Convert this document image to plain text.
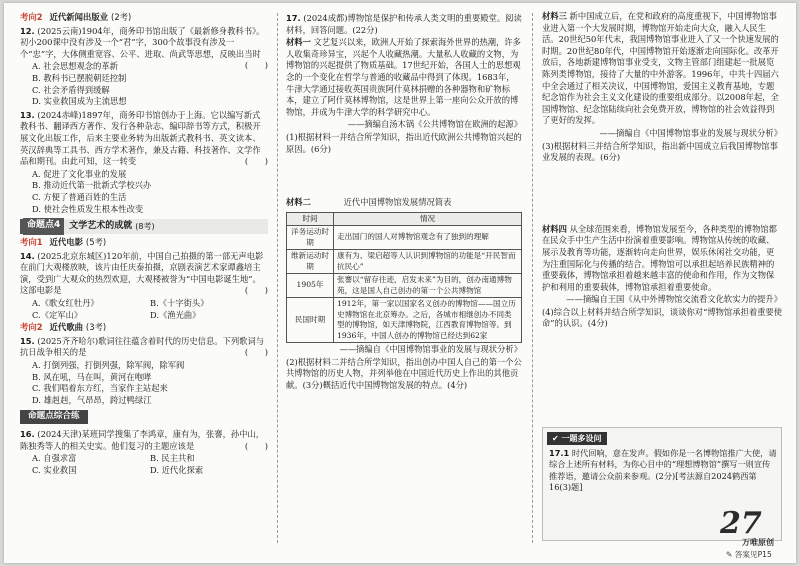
考向2 近代新闻出版业 (2考)
12. (2025云南)1904年，商务印书馆出版了《最新修身教科书》。初小200课中没有涉及一个“君”字，300个故事没有涉及一个“忠”字，大体侧重宽容、公平、进取、尚武等思想，反映出当时
(　　)

A. 社会思想观念的革新

B. 教科书已摆脱朝廷控制

C. 社会矛盾得到缓解

D. 实业救国成为主流思想

13. (2024赤峰)1897年，商务印书馆创办于上海。它以编写新式教科书、翻译西方著作、发行各种杂志、编印辞书等方式，积极开展文化出版工作，后来主要业务转为出版新式教科书、英文读本、英汉辞典等工具书、西方学术著作，兼及古籍、科技著作、文学作品和期刊。由此可知，这一转变	(　　)

A. 促进了文化事业的发展

B. 推动近代第一批新式学校兴办

C. 方便了普通百姓的生活

D. 使社会性质发生根本性改变

命题点4	文学艺术的成就 (8考)
考向1 近代电影 (5考)
14. (2025北京东城区)120年前，中国自己拍摄的第一部无声电影在前门大观楼放映，该片由任庆泰拍摄，京剧表演艺术家谭鑫培主演，受到广大观众的热烈欢迎，大观楼被誉为“中国电影诞生地”。这部电影是	(　　)
A.《歌女红牡丹》	B.《十字街头》
C.《定军山》	D.《渔光曲》
考向2 近代歌曲 (3考)
15. (2025齐齐哈尔)歌词往往蕴含着时代的历史信息。下列歌词与抗日战争相关的是	(　　)

A. 打倒列强，打倒列强，除军阀，除军阀

B. 风在吼，马在叫，黄河在咆哮

C. 我们唱着东方红，当家作主站起来

D. 雄赳赳，气昂昂，跨过鸭绿江

命题点综合练
16. (2024天津)某班同学搜集了李鸿章，康有为，张謇，孙中山，陈独秀等人的相关史实。他们复习的主题应该是	(　　)
A. 自强求富	B. 民主共和
C. 实业救国	D. 近代化探索
17. (2024成都)博物馆是保护和传承人类文明的重要殿堂。阅读材料，回答问题。(22分)

材料一 文艺复兴以来，欧洲人开始了探索海外世界的热潮，许多人收集奇珍异宝，兴起个人收藏热潮。大量私人收藏的文物，为博物馆的兴起提供了物质基础。17世纪开始，各国人士的思想观念的一个变化在哲学与普通的收藏品中得到了体现。1683年，牛津大学通过接收英国贵族阿什莫林捐赠的各种器物和矿物标本，建立了阿什莫林博物馆，这是世界上第一座向公众开放的博物馆，并成为牛津大学的科学研究中心。

——摘编自汤木锅《公共博物馆在欧洲的起源》

(1)根据材料一并结合所学知识，指出近代欧洲公共博物馆兴起的原因。(6分)

材料二	近代中国博物馆发展情况简表

时间	情况
洋务运动时期	走出国门的国人对博物馆观念有了独到的理解
维新运动时期	康有为、梁启超等人认识到博物馆的功能是“开民智而抗民心”
1905年	张謇以“留存往迹，启发未来”为目的，创办南通博物苑，这是国人自己创办的第一个公共博物馆
民国时期	1912年，第一家以国家名义创办的博物馆——国立历史博物馆在北京筹办。之后，各城市相继创办不同类型的博物馆，如天津博物院，江西教育博物馆等。到1936年，中国人创办的博物馆已经达到62家

——摘编自《中国博物馆事业的发展与现状分析》

(2)根据材料二并结合所学知识，指出创办中国人自己的第一个公共博物馆的历史人物，并列举他在中国近代历史上作出的其他贡献。(3分)概括近代中国博物馆发展的特点。(4分)

材料三 新中国成立后，在党和政府的高度重视下，中国博物馆事业进入第一个大发展时期，博物馆开始走向大众，融入人民生活。20世纪50年代末，我国博物馆事业进入了又一个快速发展的时期。20世纪80年代，中国博物馆开始逐渐走向国际化。改革开放后，各地新建博物馆事业受支，文物主管部门组建起一批展览陈列类博物馆，接待了大量的中外游客。1996年，中共十四届六中全会通过了相关决议，中国博物馆，爱国主义教育基地，专题纪念馆作为社会主义文化建设的重要组成部分。以2008年起，全国博物馆、纪念馆陆续向社会免费开放，博物馆的社会效益得到了更好的发挥。

——摘编自《中国博物馆事业的发展与现状分析》

(3)根据材料三并结合所学知识，指出新中国成立后我国博物馆事业发展的表现。(6分)

材料四 从全球范围来看，博物馆发展至今，各种类型的博物馆都在民众手中生产生活中扮演着重要影响。博物馆从传统的收藏、展示及教育等功能，逐渐转向走向世界，娱乐休闲社交功能，更为注重国际化与传播的结合。博物馆可以承担起培养民族精神的重要载体，博物馆承担着越来越丰富的使命和作用，作为文物保护和利用的重要载体，博物馆承担着重要使命。

——摘编自王国《从中外博物馆交流看文化软实力的提升》

(4)综合以上材料并结合所学知识，谈谈你对“博物馆承担着重要使命”的认识。(4分)

✔ 一题多设问
17.1 时代回响，意在发声。假如你是一名博物馆推广大使，请综合上述所有材料，为你心目中的“理想博物馆”撰写一则宣传推荐语，邀请公众前来参观。(2分)[考法源自2024鹤西第16(3)题]
27
万唯原创
✎ 答案见P15
